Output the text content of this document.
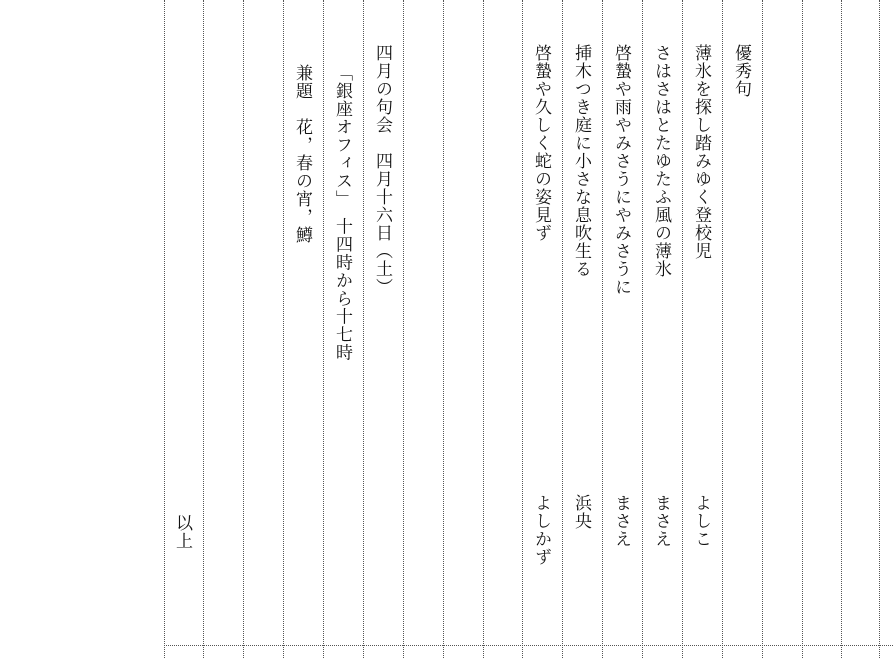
優秀句
薄氷を探し踏みゆく登校児
よしこ
さはさはとたゆたふ風の薄氷
まさえ
啓蟄や雨やみさうにやみさうに
まさえ
挿木つき庭に小さな息吹生る
浜央
啓蟄や久しく蛇の姿見ず
よしかず
四月の句会　四月十六日（土）
「銀座オフィス」　十四時から十七時
兼題　花，春の宵，鱒
以上
